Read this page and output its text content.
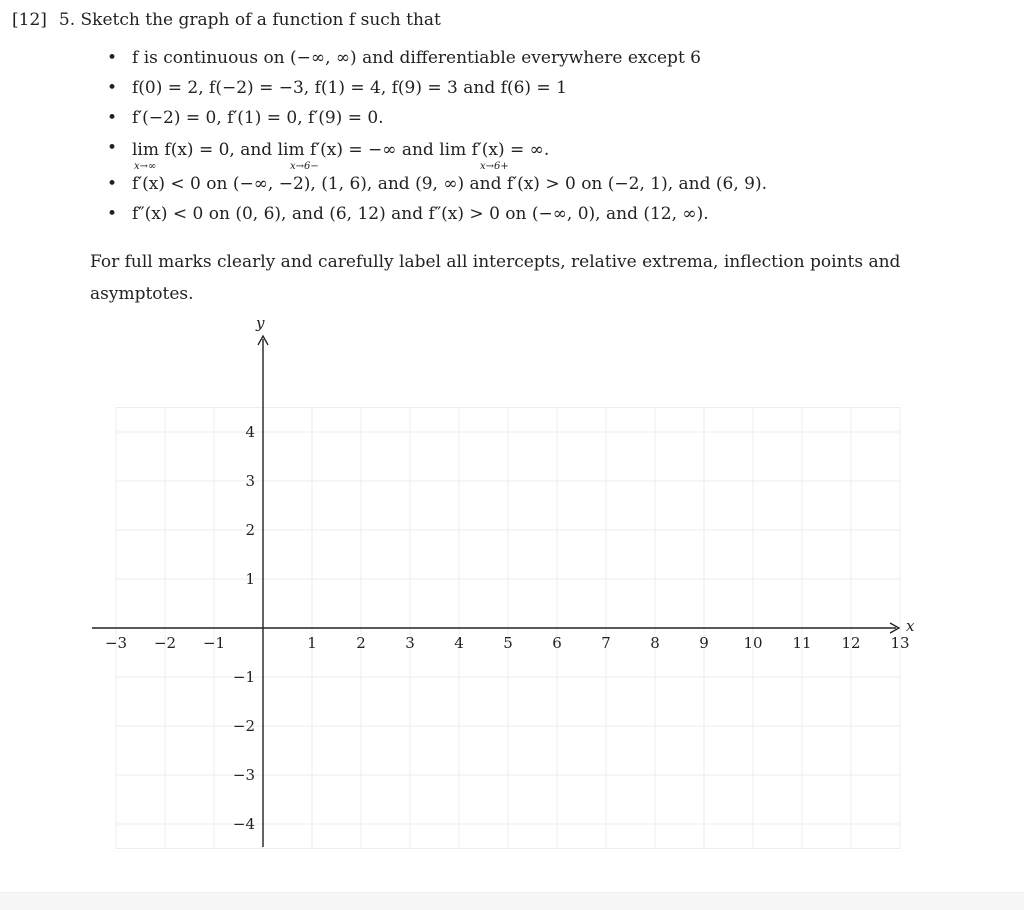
[12] 5. Sketch the graph of a function f such that
f is continuous on (−∞, ∞) and differentiable everywhere except 6
f(0) = 2, f(−2) = −3, f(1) = 4, f(9) = 3 and f(6) = 1
f′(−2) = 0, f′(1) = 0, f′(9) = 0.
lim f(x) = 0, and lim f′(x) = −∞ and lim f′(x) = ∞.
x→∞	x→6−	x→6+
f′(x) < 0 on (−∞, −2), (1, 6), and (9, ∞) and f′(x) > 0 on (−2, 1), and (6, 9).
f″(x) < 0 on (0, 6), and (6, 12) and f″(x) > 0 on (−∞, 0), and (12, ∞).
For full marks clearly and carefully label all intercepts, relative extrema, inflection points and asymptotes.
x
y
−3 −2 −1	1	2	3	4	5	6	7	8	9 10 11 12 13
4
3
2
1
−1
−2
−3
−4
